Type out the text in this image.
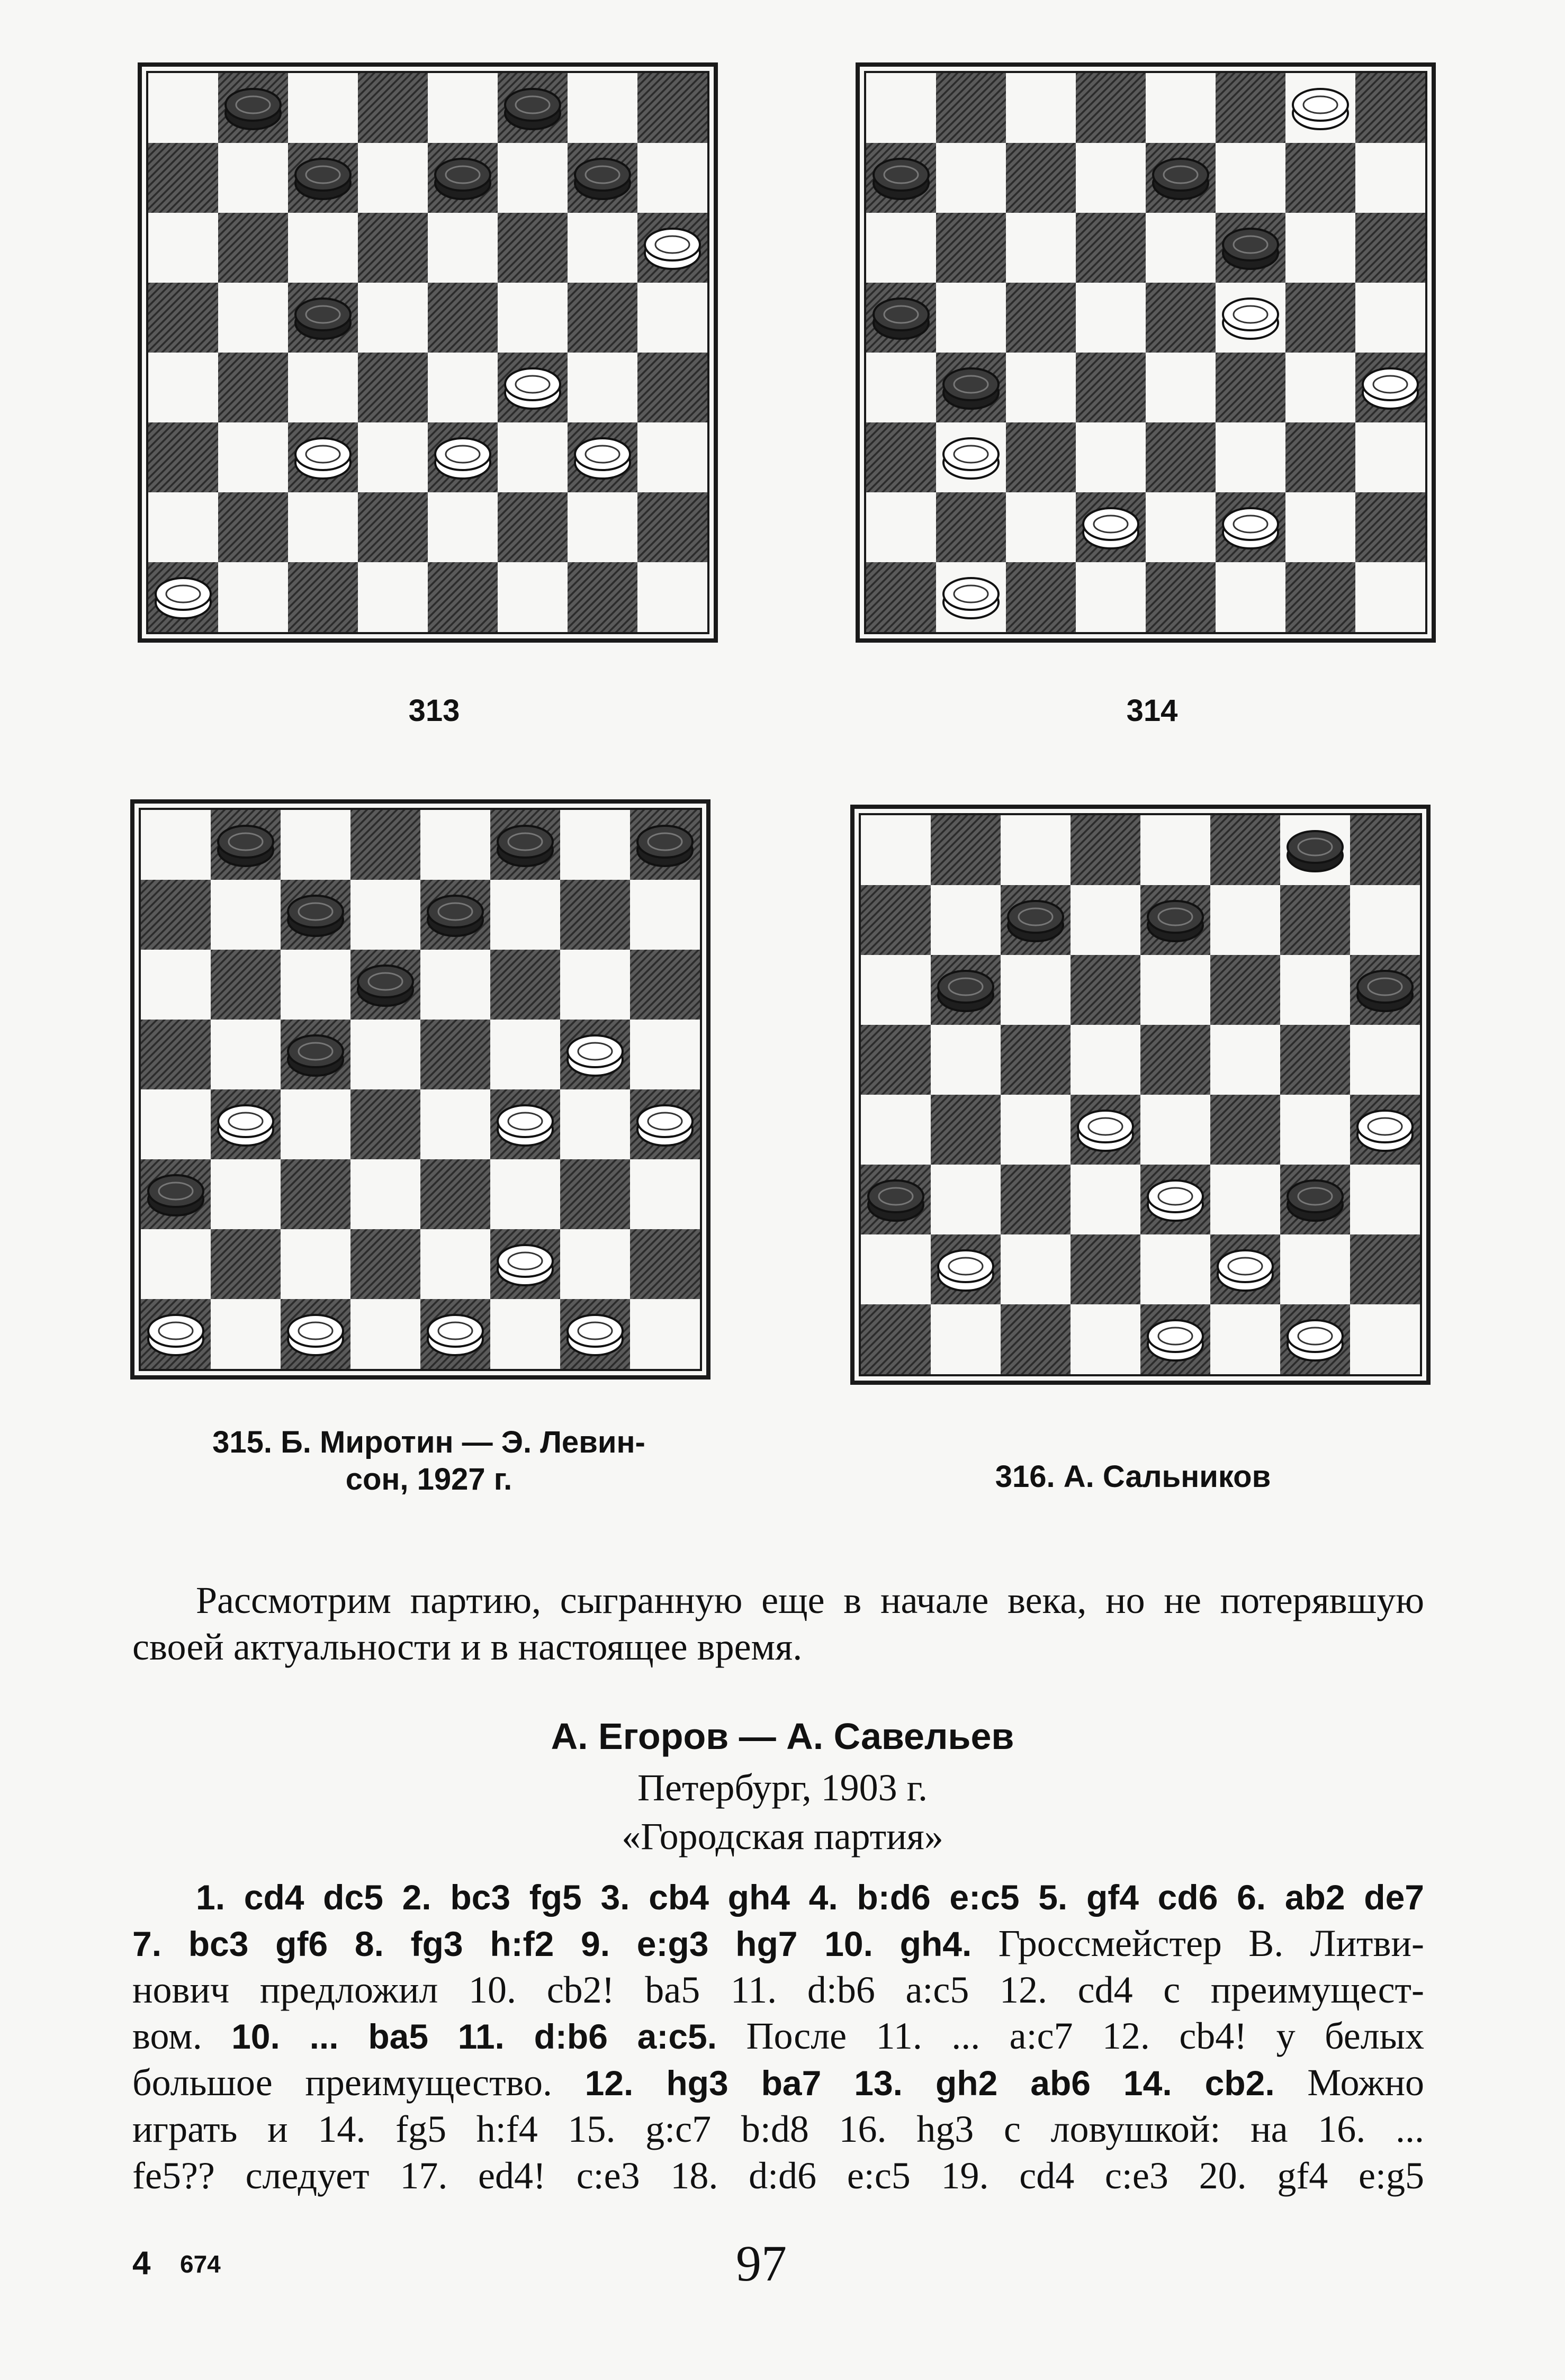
313	314
315. Б. Миротин — Э. Левин-
сон, 1927 г.	316. А. Сальников
Рассмотрим партию, сыгранную еще в начале века, но не потерявшую своей актуальности и в настоящее время.
А. Егоров — А. Савельев
Петербург, 1903 г.
«Городская партия»
1. cd4 dc5 2. bc3 fg5 3. cb4 gh4 4. b:d6 e:c5 5. gf4 cd6 6. ab2 de7
7. bc3 gf6 8. fg3 h:f2 9. e:g3 hg7 10. gh4. Гроссмейстер В. Литви-
нович предложил 10. cb2! ba5 11. d:b6 a:c5 12. cd4 с преимущест-
вом. 10. ... ba5 11. d:b6 a:c5. После 11. ... a:c7 12. cb4! у белых
большое преимущество. 12. hg3 ba7 13. gh2 ab6 14. cb2. Можно
играть и 14. fg5 h:f4 15. g:c7 b:d8 16. hg3 с ловушкой: на 16. ...
fe5?? следует 17. ed4! c:e3 18. d:d6 e:c5 19. cd4 c:e3 20. gf4 e:g5
4 674	97
